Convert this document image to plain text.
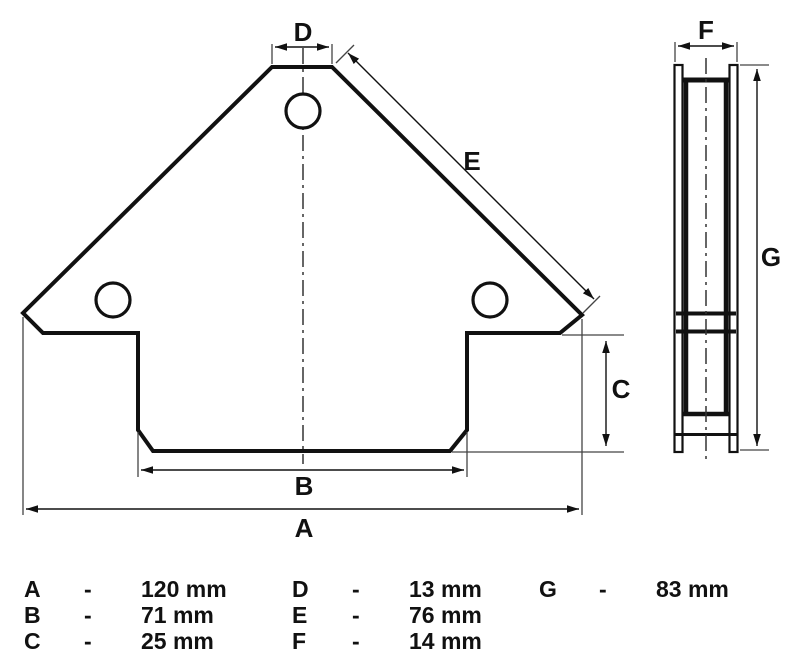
D
E
C
B
A
F
G
A - 120 mm
B - 71 mm
C - 25 mm
D - 13 mm
E - 76 mm
F - 14 mm
G - 83 mm
